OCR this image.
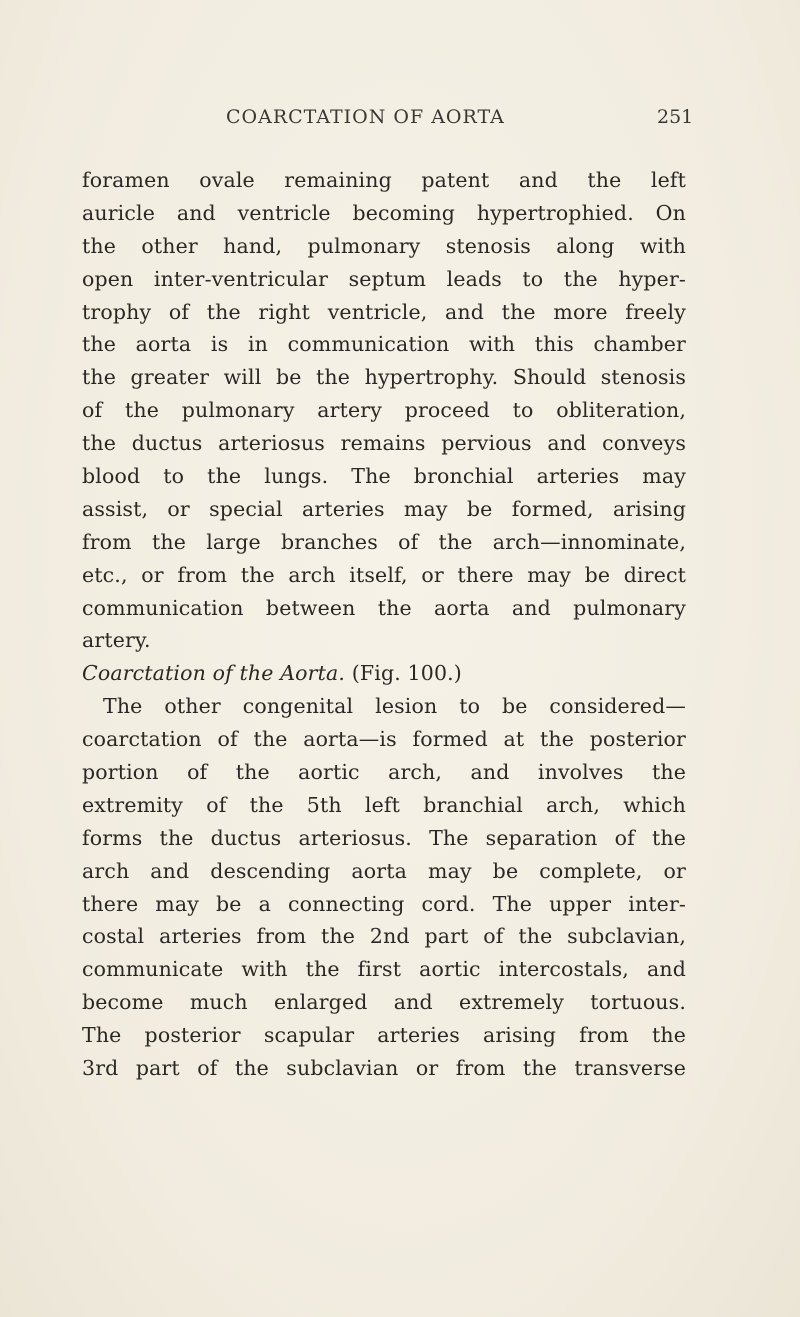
COARCTATION OF AORTA	251
foramen ovale remaining patent and the left
auricle and ventricle becoming hypertrophied. On
the other hand, pulmonary stenosis along with
open inter-ventricular septum leads to the hyper-
trophy of the right ventricle, and the more freely
the aorta is in communication with this chamber
the greater will be the hypertrophy. Should stenosis
of the pulmonary artery proceed to obliteration,
the ductus arteriosus remains pervious and conveys
blood to the lungs. The bronchial arteries may
assist, or special arteries may be formed, arising
from the large branches of the arch—innominate,
etc., or from the arch itself, or there may be direct
communication between the aorta and pulmonary
artery.
Coarctation of the Aorta. (Fig. 100.)
The other congenital lesion to be considered—
coarctation of the aorta—is formed at the posterior
portion of the aortic arch, and involves the
extremity of the 5th left branchial arch, which
forms the ductus arteriosus. The separation of the
arch and descending aorta may be complete, or
there may be a connecting cord. The upper inter-
costal arteries from the 2nd part of the subclavian,
communicate with the first aortic intercostals, and
become much enlarged and extremely tortuous.
The posterior scapular arteries arising from the
3rd part of the subclavian or from the transverse
